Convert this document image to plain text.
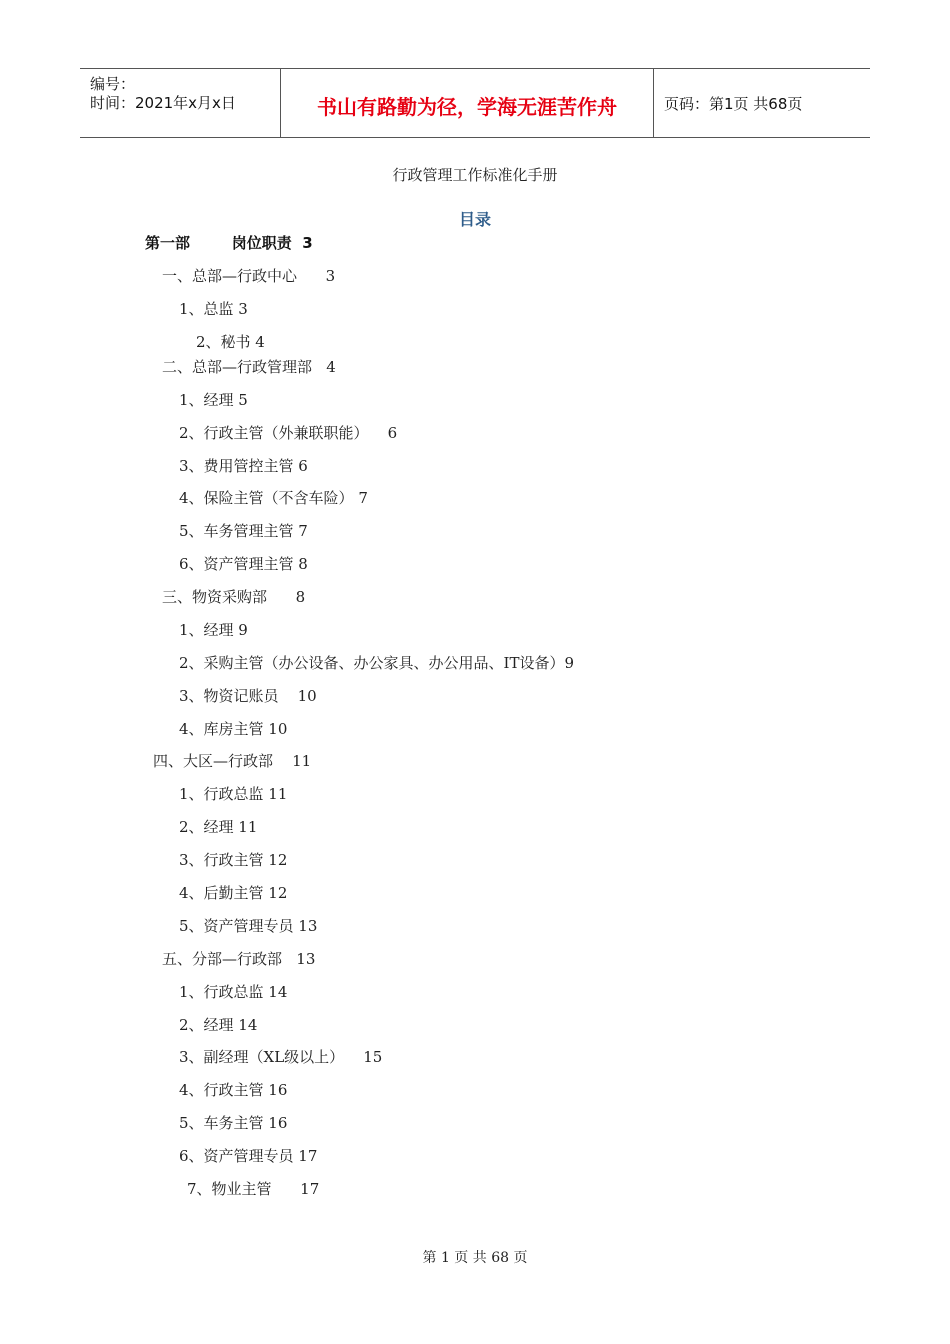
编号：
时间：2021年x月x日	书山有路勤为径，学海无涯苦作舟	页码：第1页 共68页
行政管理工作标准化手册
目录
第一部        岗位职责  3
一、总部—行政中心      3
1、总监 3
2、秘书 4
二、总部—行政管理部   4
1、经理 5
2、行政主管（外兼联职能）    6
3、费用管控主管 6
4、保险主管（不含车险） 7
5、车务管理主管 7
6、资产管理主管 8
三、物资采购部      8
1、经理 9
2、采购主管（办公设备、办公家具、办公用品、IT设备）9
3、物资记账员    10
4、库房主管 10
四、大区—行政部    11
1、行政总监 11
2、经理 11
3、行政主管 12
4、后勤主管 12
5、资产管理专员 13
五、分部—行政部   13
1、行政总监 14
2、经理 14
3、副经理（XL级以上）    15
4、行政主管 16
5、车务主管 16
6、资产管理专员 17
7、物业主管      17
第 1 页 共 68 页
